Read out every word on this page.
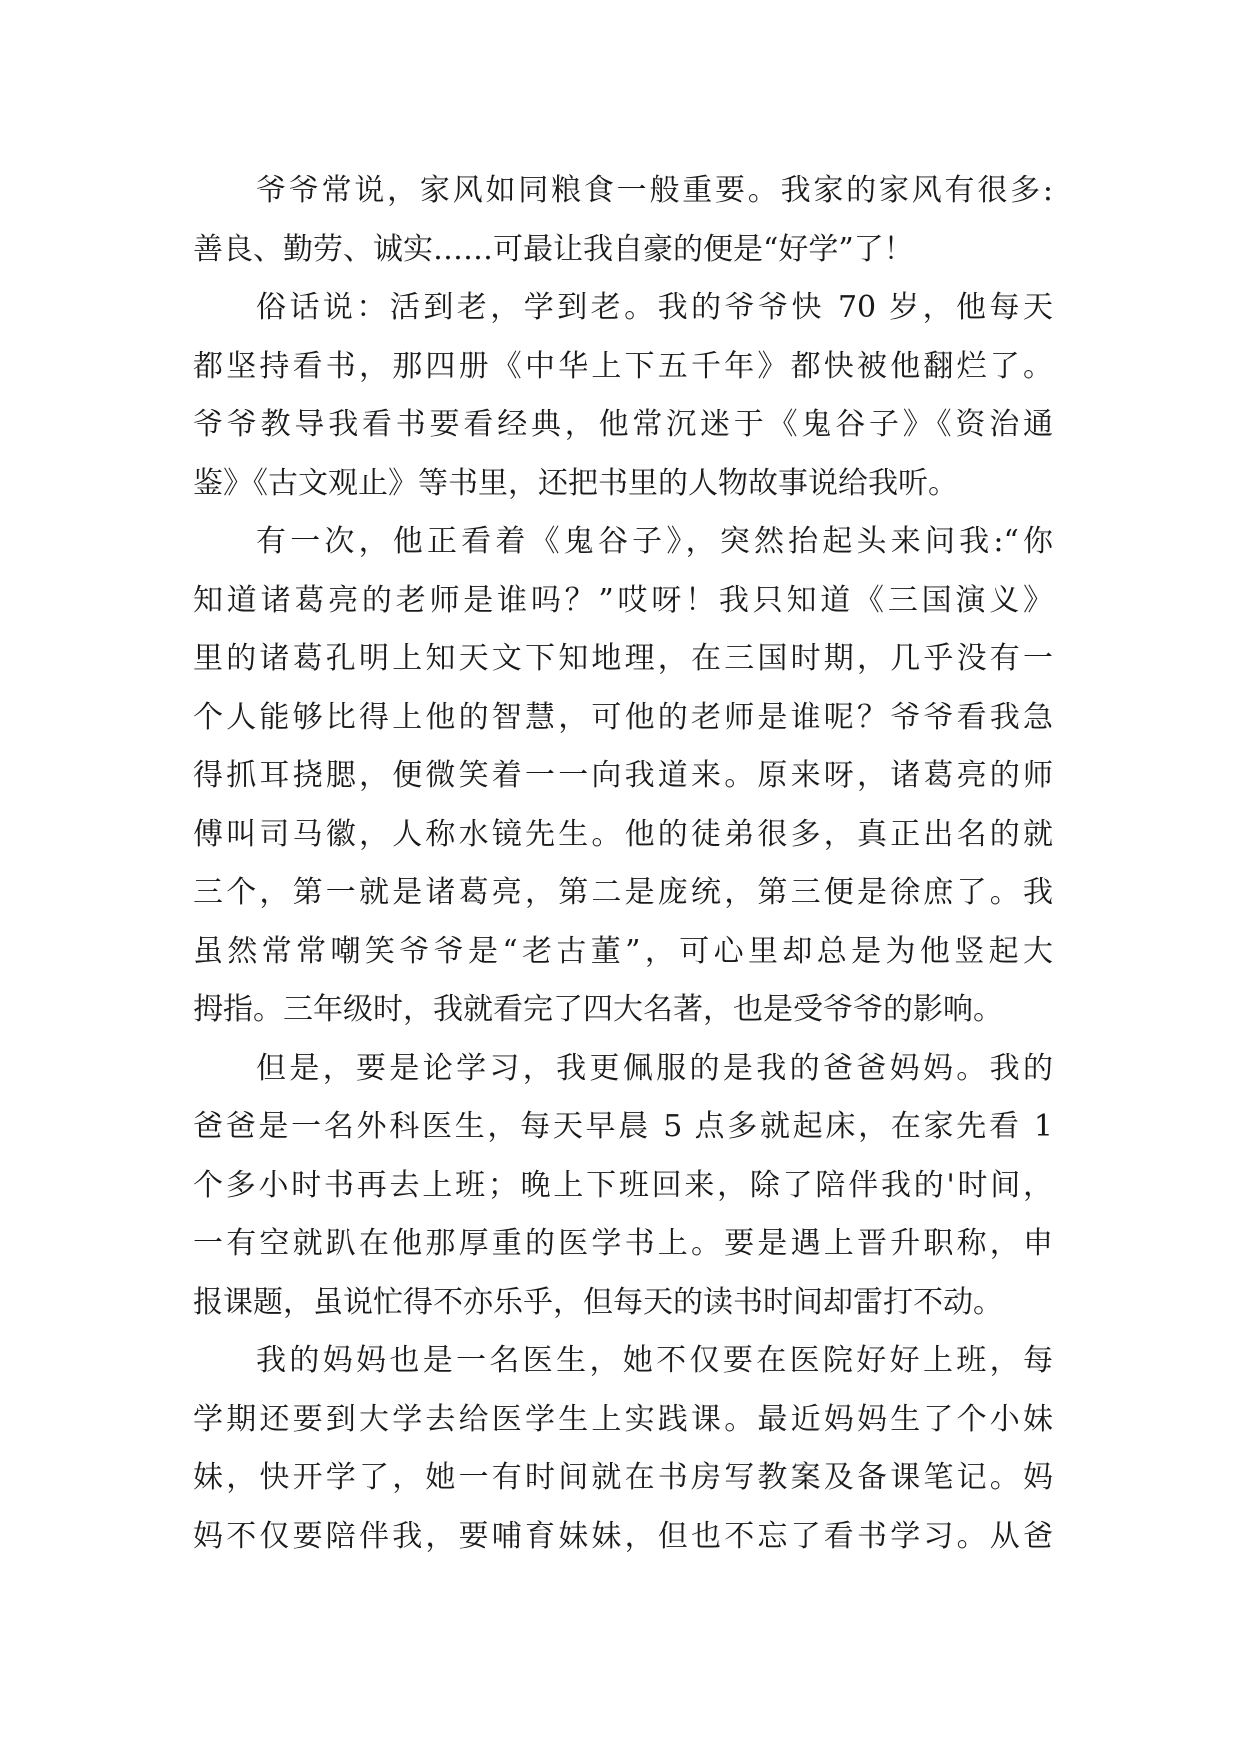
爷爷常说，家风如同粮食一般重要。我家的家风有很多:
善良、勤劳、诚实……可最让我自豪的便是“好学”了！
俗话说：活到老，学到老。我的爷爷快 70 岁，他每天
都坚持看书，那四册《中华上下五千年》都快被他翻烂了。
爷爷教导我看书要看经典，他常沉迷于《鬼谷子》《资治通
鉴》《古文观止》等书里，还把书里的人物故事说给我听。
有一次，他正看着《鬼谷子》，突然抬起头来问我:“你
知道诸葛亮的老师是谁吗？”哎呀！我只知道《三国演义》
里的诸葛孔明上知天文下知地理，在三国时期，几乎没有一
个人能够比得上他的智慧，可他的老师是谁呢？爷爷看我急
得抓耳挠腮，便微笑着一一向我道来。原来呀，诸葛亮的师
傅叫司马徽，人称水镜先生。他的徒弟很多，真正出名的就
三个，第一就是诸葛亮，第二是庞统，第三便是徐庶了。我
虽然常常嘲笑爷爷是“老古董”，可心里却总是为他竖起大
拇指。三年级时，我就看完了四大名著，也是受爷爷的影响。
但是，要是论学习，我更佩服的是我的爸爸妈妈。我的
爸爸是一名外科医生，每天早晨 5 点多就起床，在家先看 1
个多小时书再去上班；晚上下班回来，除了陪伴我的'时间，
一有空就趴在他那厚重的医学书上。要是遇上晋升职称，申
报课题，虽说忙得不亦乐乎，但每天的读书时间却雷打不动。
我的妈妈也是一名医生，她不仅要在医院好好上班，每
学期还要到大学去给医学生上实践课。最近妈妈生了个小妹
妹，快开学了，她一有时间就在书房写教案及备课笔记。妈
妈不仅要陪伴我，要哺育妹妹，但也不忘了看书学习。从爸
